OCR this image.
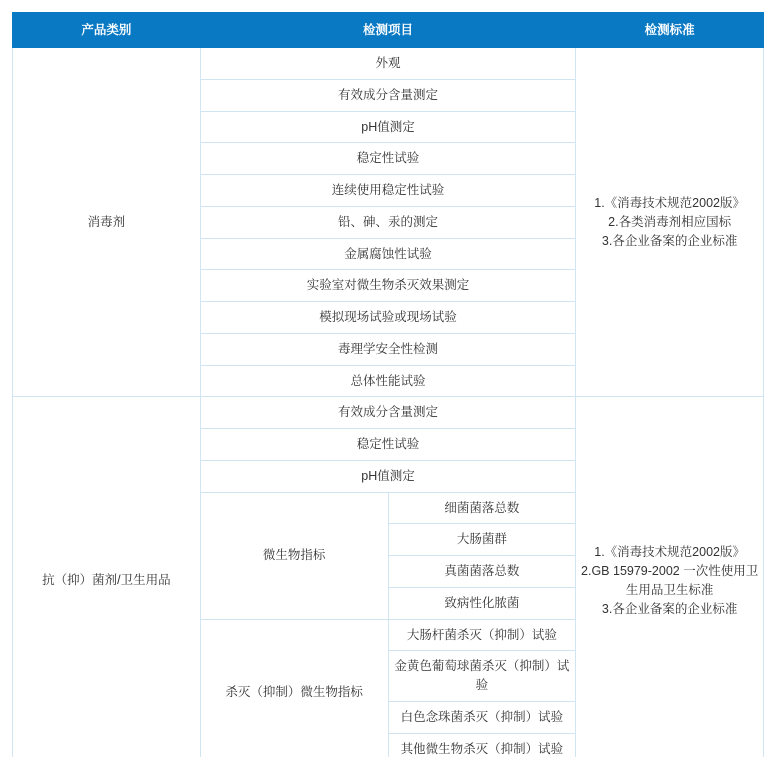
产品类别	检测项目		检测标准
消毒剂	外观		1.《消毒技术规范2002版》
2.各类消毒剂相应国标
3.各企业备案的企业标准

	有效成分含量测定		
	pH值测定		
	稳定性试验		
	连续使用稳定性试验		
	铅、砷、汞的测定		
	金属腐蚀性试验		
	实验室对微生物杀灭效果测定		
	模拟现场试验或现场试验		
	毒理学安全性检测		
	总体性能试验		
抗（抑）菌剂/卫生用品	有效成分含量测定		1.《消毒技术规范2002版》
2.GB 15979-2002 一次性使用卫生用品卫生标准
3.各企业备案的企业标准

	稳定性试验		
	pH值测定		
	微生物指标	细菌菌落总数	
		大肠菌群	
		真菌菌落总数	
		致病性化脓菌	
	杀灭（抑制）微生物指标	大肠杆菌杀灭（抑制）试验	
		金黄色葡萄球菌杀灭（抑制）试验	
		白色念珠菌杀灭（抑制）试验	
		其他微生物杀灭（抑制）试验	
